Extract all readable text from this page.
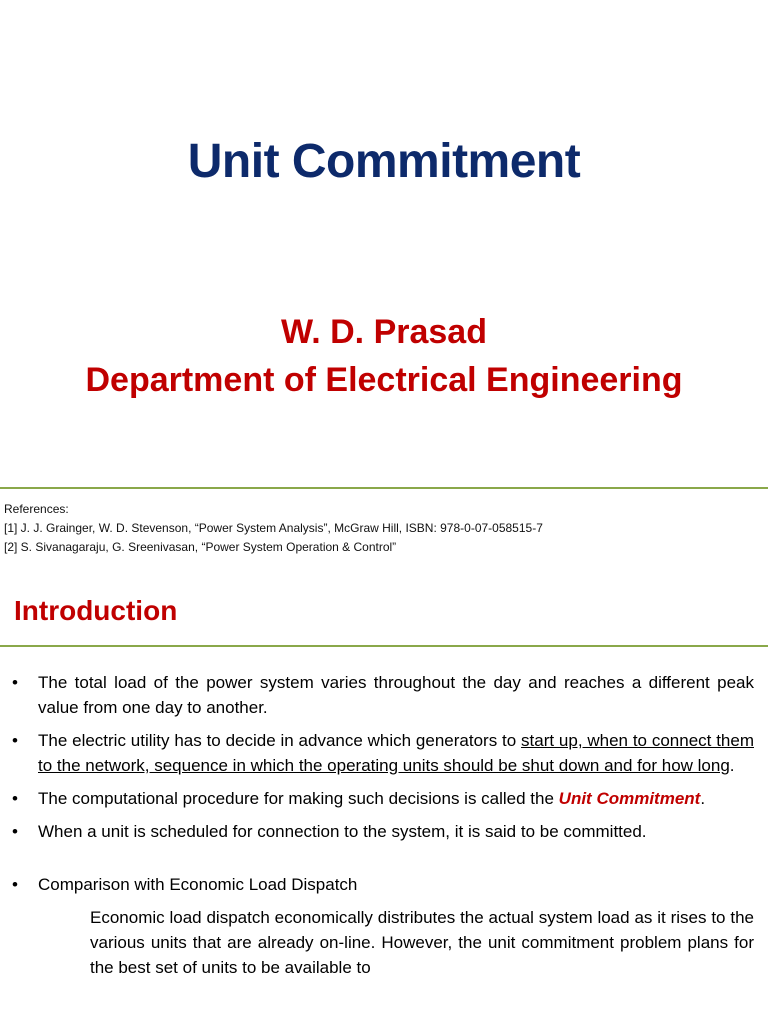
Unit Commitment
W. D. Prasad
Department of Electrical Engineering
References:
[1] J. J. Grainger, W. D. Stevenson, “Power System Analysis”, McGraw Hill, ISBN: 978-0-07-058515-7
[2] S. Sivanagaraju, G. Sreenivasan, “Power System Operation & Control”
Introduction
• The total load of the power system varies throughout the day and reaches a different peak value from one day to another.
• The electric utility has to decide in advance which generators to start up, when to connect them to the network, sequence in which the operating units should be shut down and for how long.
• The computational procedure for making such decisions is called the Unit Commitment.
• When a unit is scheduled for connection to the system, it is said to be committed.
• Comparison with Economic Load Dispatch
Economic load dispatch economically distributes the actual system load as it rises to the various units that are already on-line. However, the unit commitment problem plans for the best set of units to be available to
